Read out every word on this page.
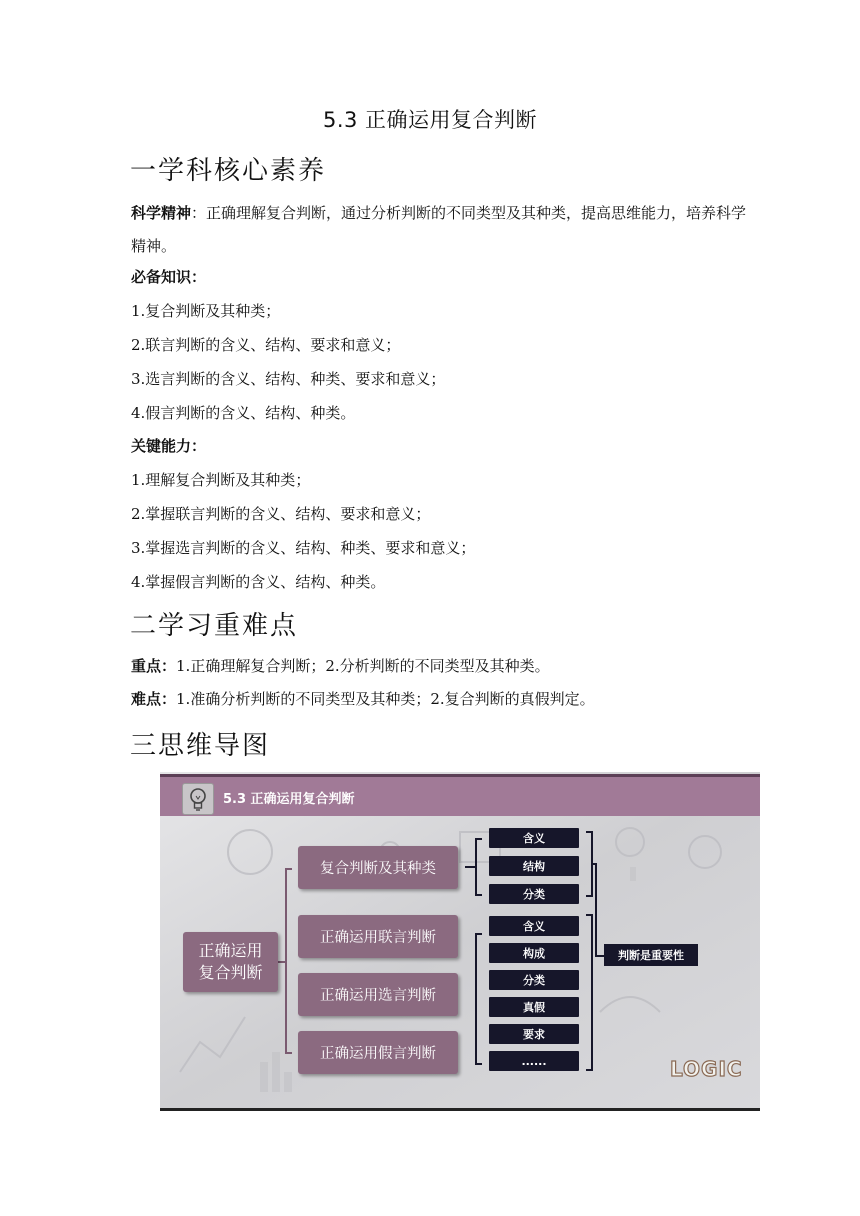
5.3 正确运用复合判断
一学科核心素养
科学精神：正确理解复合判断，通过分析判断的不同类型及其种类，提高思维能力，培养科学精神。
必备知识：
1.复合判断及其种类；
2.联言判断的含义、结构、要求和意义；
3.选言判断的含义、结构、种类、要求和意义；
4.假言判断的含义、结构、种类。
关键能力：
1.理解复合判断及其种类；
2.掌握联言判断的含义、结构、要求和意义；
3.掌握选言判断的含义、结构、种类、要求和意义；
4.掌握假言判断的含义、结构、种类。
二学习重难点
重点：1.正确理解复合判断；2.分析判断的不同类型及其种类。
难点：1.准确分析判断的不同类型及其种类；2.复合判断的真假判定。
三思维导图
5.3 正确运用复合判断
正确运用
复合判断
复合判断及其种类
正确运用联言判断
正确运用选言判断
正确运用假言判断
含义
结构
分类
含义
构成
分类
真假
要求
......
判断是重要性
LOGIC
